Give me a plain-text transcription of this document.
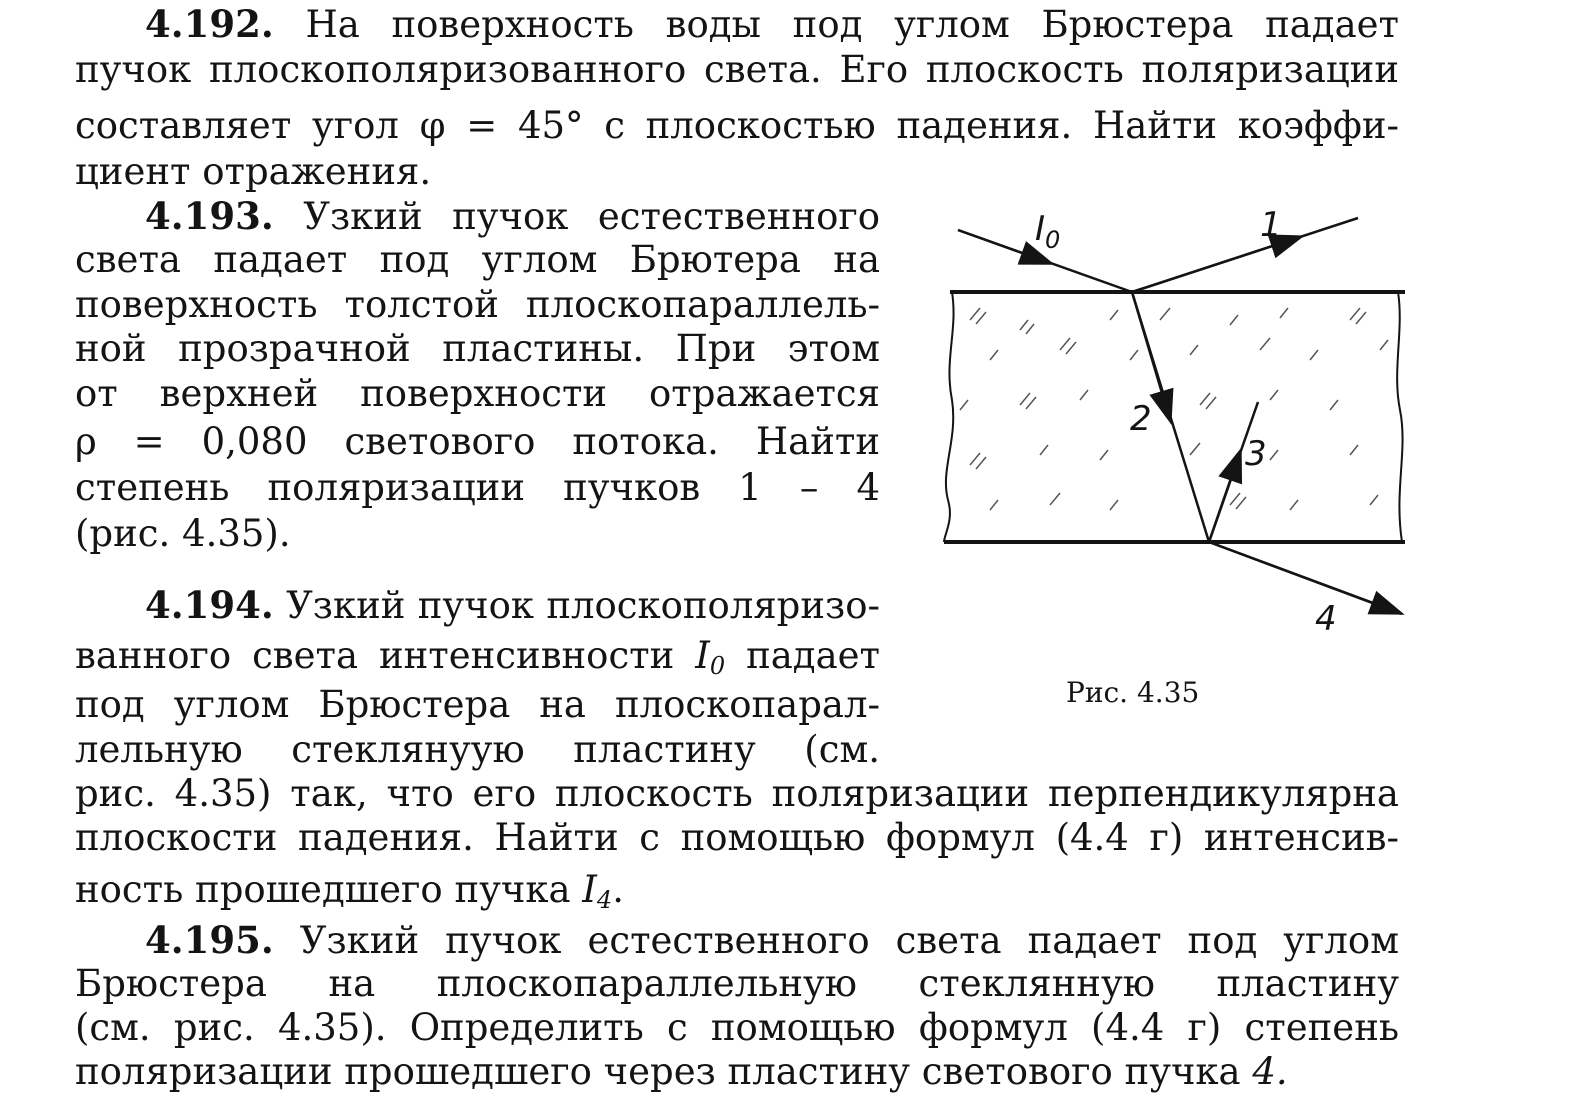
4.192. На поверхность воды под углом Брюстера падает
пучок плоскополяризованного света. Его плоскость поляризации
составляет угол φ = 45° с плоскостью падения. Найти коэффи-
циент отражения.
4.193. Узкий пучок естественного
света падает под углом Брютера на
поверхность толстой плоскопараллель-
ной прозрачной пластины. При этом
от верхней поверхности отражается
ρ = 0,080 светового потока. Найти
степень поляризации пучков 1 – 4
(рис. 4.35).
4.194. Узкий пучок плоскополяризо-
ванного света интенсивности $I_0$ падает
под углом Брюстера на плоскопарал-
лельную стеклянуую пластину (см.
рис. 4.35) так, что его плоскость поляризации перпендикулярна
плоскости падения. Найти с помощью формул (4.4 г) интенсив-
ность прошедшего пучка $I_4$.
4.195. Узкий пучок естественного света падает под углом
Брюстера на плоскопараллельную стеклянную пластину
(см. рис. 4.35). Определить с помощью формул (4.4 г) степень
поляризации прошедшего через пластину светового пучка 4.
$I_0$	1
2
3
4
Рис. 4.35
